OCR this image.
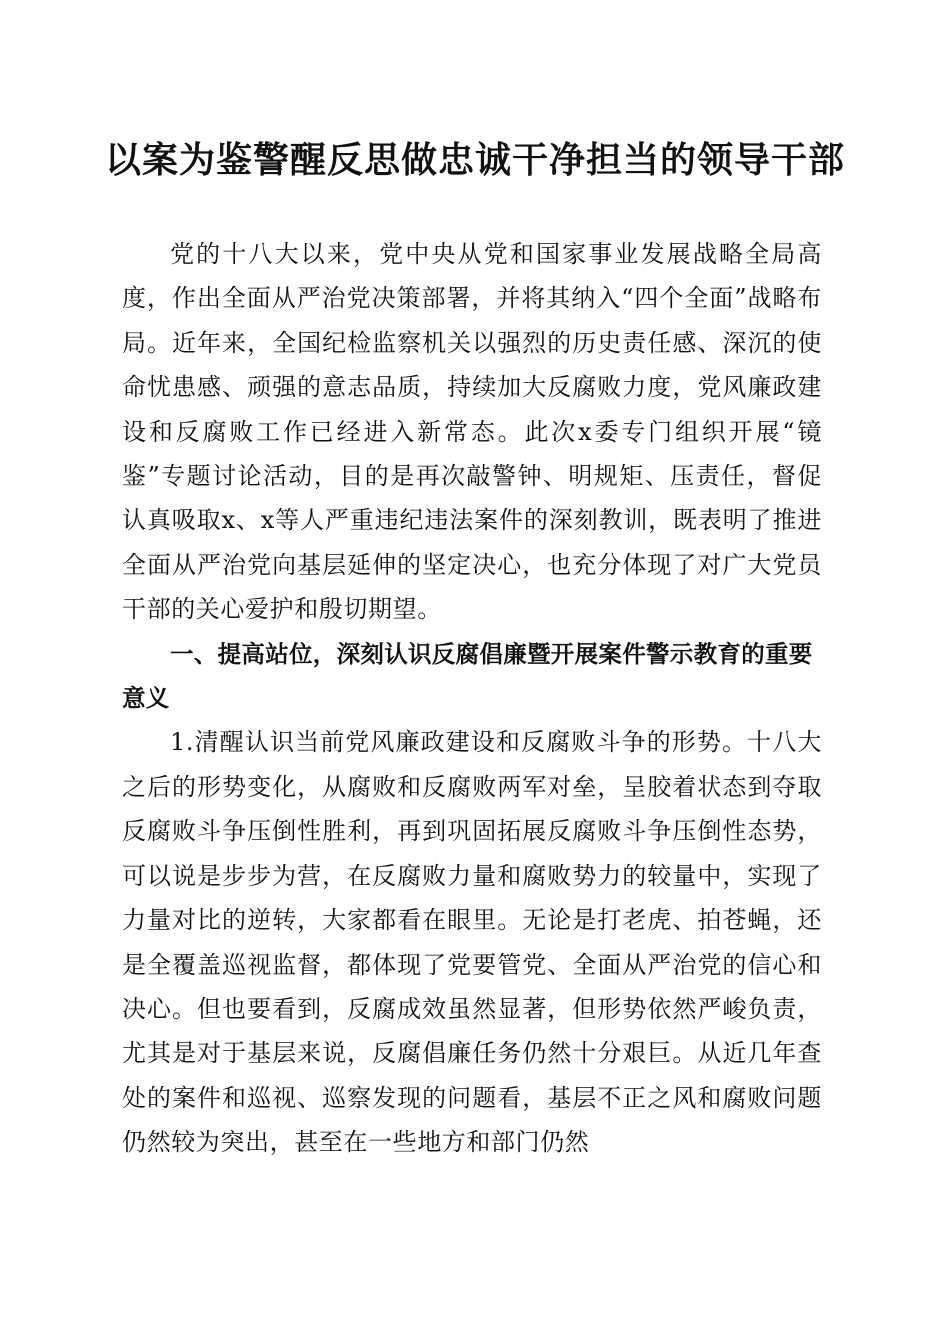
以案为鉴警醒反思做忠诚干净担当的领导干部

党的十八大以来，党中央从党和国家事业发展战略全局高度，作出全面从严治党决策部署，并将其纳入“四个全面”战略布局。近年来，全国纪检监察机关以强烈的历史责任感、深沉的使命忧患感、顽强的意志品质，持续加大反腐败力度，党风廉政建设和反腐败工作已经进入新常态。此次x委专门组织开展“镜鉴”专题讨论活动，目的是再次敲警钟、明规矩、压责任，督促认真吸取x、x等人严重违纪违法案件的深刻教训，既表明了推进全面从严治党向基层延伸的坚定决心，也充分体现了对广大党员干部的关心爱护和殷切期望。

一、提高站位，深刻认识反腐倡廉暨开展案件警示教育的重要意义

1.清醒认识当前党风廉政建设和反腐败斗争的形势。十八大之后的形势变化，从腐败和反腐败两军对垒，呈胶着状态到夺取反腐败斗争压倒性胜利，再到巩固拓展反腐败斗争压倒性态势，可以说是步步为营，在反腐败力量和腐败势力的较量中，实现了力量对比的逆转，大家都看在眼里。无论是打老虎、拍苍蝇，还是全覆盖巡视监督，都体现了党要管党、全面从严治党的信心和决心。但也要看到，反腐成效虽然显著，但形势依然严峻负责，尤其是对于基层来说，反腐倡廉任务仍然十分艰巨。从近几年查处的案件和巡视、巡察发现的问题看，基层不正之风和腐败问题仍然较为突出，甚至在一些地方和部门仍然
